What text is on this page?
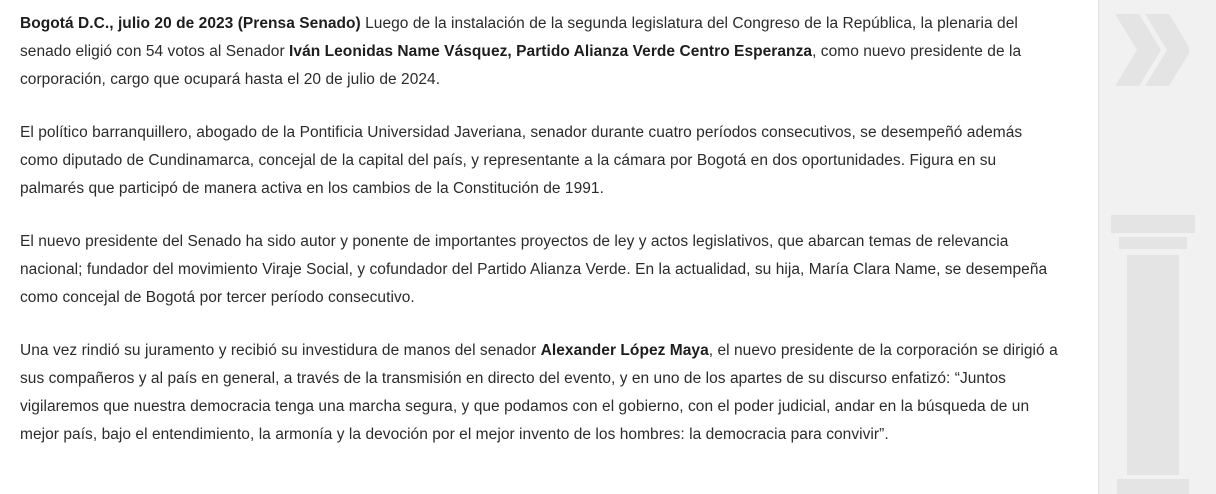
Bogotá D.C., julio 20 de 2023 (Prensa Senado) Luego de la instalación de la segunda legislatura del Congreso de la República, la plenaria del senado eligió con 54 votos al Senador Iván Leonidas Name Vásquez, Partido Alianza Verde Centro Esperanza, como nuevo presidente de la corporación, cargo que ocupará hasta el 20 de julio de 2024.

El político barranquillero, abogado de la Pontificia Universidad Javeriana, senador durante cuatro períodos consecutivos, se desempeñó además como diputado de Cundinamarca, concejal de la capital del país, y representante a la cámara por Bogotá en dos oportunidades. Figura en su palmarés que participó de manera activa en los cambios de la Constitución de 1991.

El nuevo presidente del Senado ha sido autor y ponente de importantes proyectos de ley y actos legislativos, que abarcan temas de relevancia nacional; fundador del movimiento Viraje Social, y cofundador del Partido Alianza Verde. En la actualidad, su hija, María Clara Name, se desempeña como concejal de Bogotá por tercer período consecutivo.

Una vez rindió su juramento y recibió su investidura de manos del senador Alexander López Maya, el nuevo presidente de la corporación se dirigió a sus compañeros y al país en general, a través de la transmisión en directo del evento, y en uno de los apartes de su discurso enfatizó: “Juntos vigilaremos que nuestra democracia tenga una marcha segura, y que podamos con el gobierno, con el poder judicial, andar en la búsqueda de un mejor país, bajo el entendimiento, la armonía y la devoción por el mejor invento de los hombres: la democracia para convivir”.
